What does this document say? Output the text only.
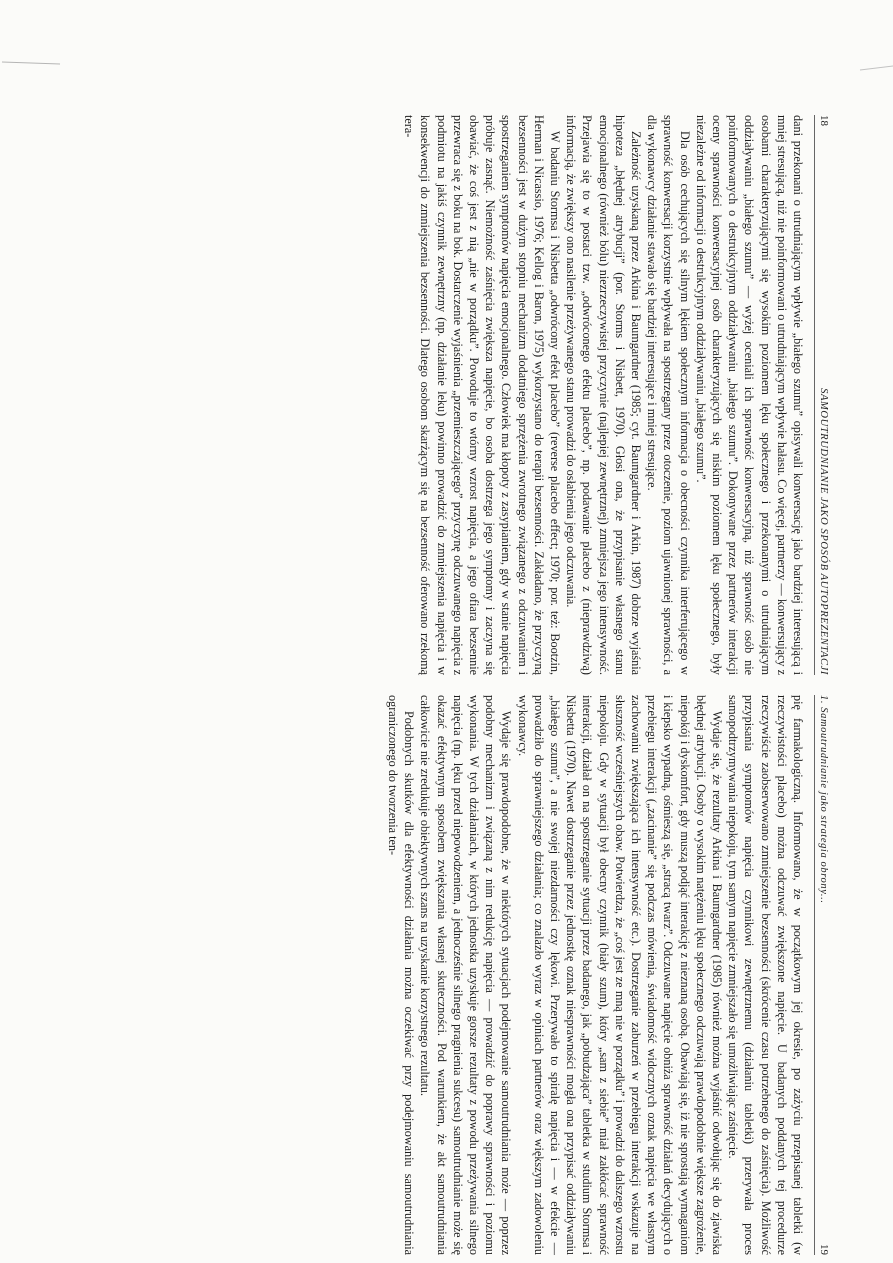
18
SAMOUTRUDNIANIE JAKO SPOSÓB AUTOPREZENTACJI

dani przekonani o utrudniającym wpływie „białego szumu” opisywali konwersację jako bardziej interesującą i mniej stresującą, niż nie poinformowani o utrudniającym wpływie hałasu. Co więcej, partnerzy — konwersujący z osobami charakteryzującymi się wysokim poziomem lęku społecznego i przekonanymi o utrudniającym oddziaływaniu „białego szumu” — wyżej oceniali ich sprawność konwersacyjną, niż sprawność osób nie poinformowanych o destrukcyjnym oddziaływaniu „białego szumu”. Dokonywane przez partnerów interakcji oceny sprawności konwersacyjnej osób charakteryzujących się niskim poziomem lęku społecznego, były niezależne od informacji o destrukcyjnym oddziaływaniu „białego szumu”.

Dla osób cechujących się silnym lękiem społecznym informacja o obecności czynnika interferującego w sprawność konwersacji korzystnie wpływała na spostrzegany przez otoczenie, poziom ujawnionej sprawności, a dla wykonawcy działanie stawało się bardziej interesujące i mniej stresujące.

Zależność uzyskaną przez Arkina i Baumgardner (1985; cyt. Baumgardner i Arkin, 1987) dobrze wyjaśnia hipoteza „błędnej atrybucji” (por. Storms i Nisbett, 1970). Głosi ona, że przypisanie własnego stanu emocjonalnego (również bólu) niezrzeczywistej przyczynie (najlepiej zewnętrznej) zmniejsza jego intensywność. Przejawia się to w postaci tzw. „odwróconego efektu placebo”, np. podawanie placebo z (nieprawdziwą) informacją, że zwiększy ono nasilenie przeżywanego stanu prowadzi do osłabienia jego odczuwania.

W badaniu Stormsa i Nisbetta „odwrócony efekt placebo” (reverse placebo effect; 1970; por. też: Bootzin, Herman i Nicassio, 1976; Kellog i Baron, 1975) wykorzystano do terapii bezsenności. Zakładano, że przyczyną bezsenności jest w dużym stopniu mechanizm dodatniego sprzężenia zwrotnego związanego z odczuwaniem i spostrzeganiem symptomów napięcia emocjonalnego. Człowiek ma kłopoty z zasypianiem, gdy w stanie napięcia próbuje zasnąć. Niemożność zaśnięcia zwiększa napięcie, bo osoba dostrzega jego symptomy i zaczyna się obawiać, że coś jest z nią „nie w porządku”. Powoduje to wtórny wzrost napięcia, a jego ofiara bezsennie przewraca się z boku na bok. Dostarczenie wyjaśnienia „przemieszczającego” przyczynę odczuwanego napięcia z podmiotu na jakiś czynnik zewnętrzny (np. działanie leku) powinno prowadzić do zmniejszenia napięcia i w konsekwencji do zmniejszenia bezsenności. Dlatego osobom skarżącym się na bezsenność oferowano rzekomą tera-

1. Samoutrudnianie jako strategia obrony...
19

pię farmakologiczną. Informowano, że w początkowym jej okresie, po zażyciu przepisanej tabletki (w rzeczywistości placebo) można odczuwać zwiększone napięcie. U badanych poddanych tej procedurze rzeczywiście zaobserwowano zmniejszenie bezsenności (skrócenie czasu potrzebnego do zaśnięcia). Możliwość przypisania symptomów napięcia czynnikowi zewnętrznemu (działaniu tabletki) przerywała proces samopodtrzymywania niepokoju, tym samym napięcie zmniejszało się umożliwiając zaśnięcie.

Wydaje się, że rezultaty Arkina i Baumgardner (1985) również można wyjaśnić odwołując się do zjawiska błędnej atrybucji. Osoby o wysokim natężeniu lęku społecznego odczuwają prawdopodobnie większe zagrożenie, niepokój i dyskomfort, gdy muszą podjąć interakcję z nieznaną osobą. Obawiają się, iż nie sprostają wymaganiom i kiepsko wypadną, ośmieszą się, „stracą twarz”. Odczuwane napięcie obniża sprawność działań decydujących o przebiegu interakcji („zacinanie” się podczas mówienia, świadomość widocznych oznak napięcia we własnym zachowaniu zwiększająca ich intensywność etc.). Dostrzeganie zaburzeń w przebiegu interakcji wskazuje na słuszność wcześniejszych obaw. Potwierdza, że „coś jest ze mną nie w porządku” i prowadzi do dalszego wzrostu niepokoju. Gdy w sytuacji był obecny czynnik (biały szum), który „sam z siebie” miał zakłócać sprawność interakcji, działał on na spostrzeganie sytuacji przez badanego, jak „pobudzająca” tabletka w studium Stormsa i Nisbetta (1970). Nawet dostrzeganie przez jednostkę oznak niesprawności mogła ona przypisać oddziaływaniu „białego szumu”, a nie swojej niezdarności czy lękowi. Przerywało to spiralę napięcia i — w efekcie — prowadziło do sprawniejszego działania; co znalazło wyraz w opiniach partnerów oraz większym zadowoleniu wykonawcy.

Wydaje się prawdopodobne, że w niektórych sytuacjach podejmowanie samoutrudniania może — poprzez podobny mechanizm i związaną z nim redukcję napięcia — prowadzić do poprawy sprawności i poziomu wykonania. W tych działaniach, w których jednostka uzyskuje gorsze rezultaty z powodu przeżywania silnego napięcia (np. lęku przed niepowodzeniem, a jednocześnie silnego pragnienia sukcesu) samoutrudnianie może się okazać efektywnym sposobem zwiększania własnej skuteczności. Pod warunkiem, że akt samoutrudniania całkowicie nie zredukuje obiektywnych szans na uzyskanie korzystnego rezultatu.

Podobnych skutków dla efektywności działania można oczekiwać przy podejmowaniu samoutrudniania ograniczonego do tworzenia ten-
